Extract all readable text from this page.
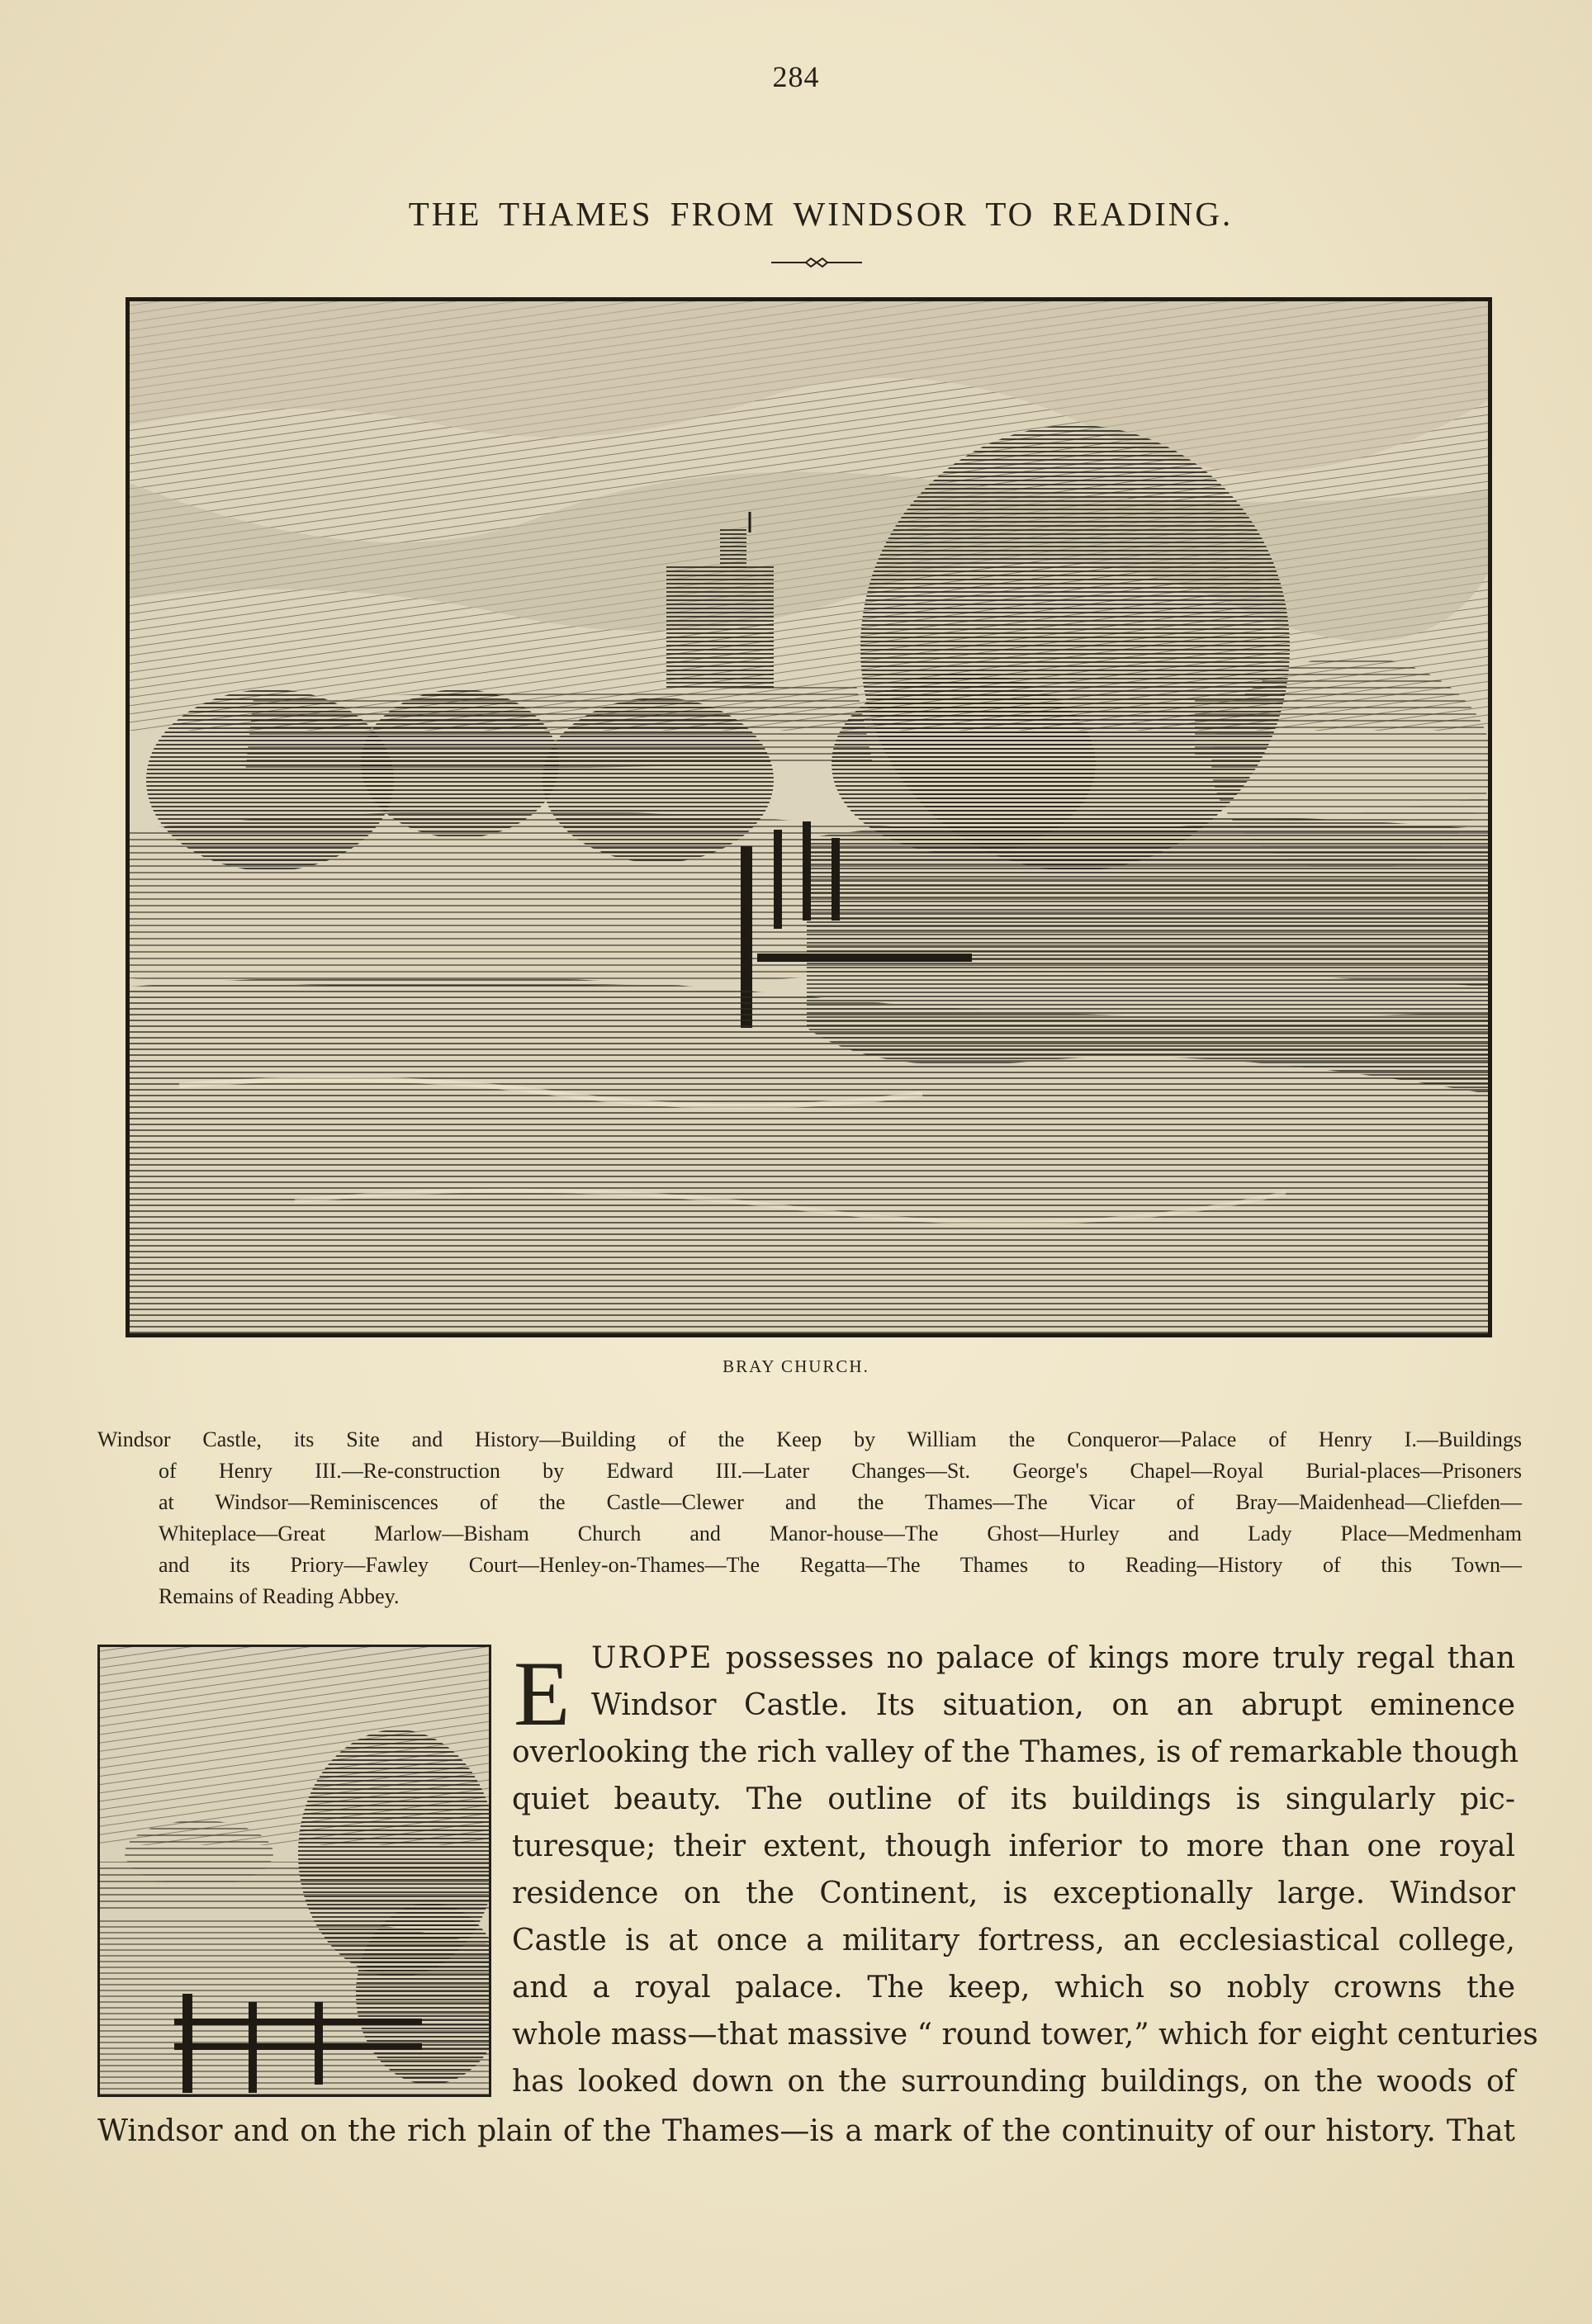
284
THE THAMES FROM WINDSOR TO READING.
BRAY CHURCH.
Windsor Castle, its Site and History—Building of the Keep by William the Conqueror—Palace of Henry I.—Buildings
of Henry III.—Re-construction by Edward III.—Later Changes—St. George's Chapel—Royal Burial-places—Prisoners
at Windsor—Reminiscences of the Castle—Clewer and the Thames—The Vicar of Bray—Maidenhead—Cliefden—
Whiteplace—Great Marlow—Bisham Church and Manor-house—The Ghost—Hurley and Lady Place—Medmenham
and its Priory—Fawley Court—Henley-on-Thames—The Regatta—The Thames to Reading—History of this Town—
Remains of Reading Abbey.
E UROPE possesses no palace of kings more truly regal than
Windsor Castle. Its situation, on an abrupt eminence
overlooking the rich valley of the Thames, is of remarkable though
quiet beauty. The outline of its buildings is singularly pic-
turesque; their extent, though inferior to more than one royal
residence on the Continent, is exceptionally large. Windsor
Castle is at once a military fortress, an ecclesiastical college,
and a royal palace. The keep, which so nobly crowns the
whole mass—that massive “ round tower,” which for eight centuries
has looked down on the surrounding buildings, on the woods of
Windsor and on the rich plain of the Thames—is a mark of the continuity of our history. That
